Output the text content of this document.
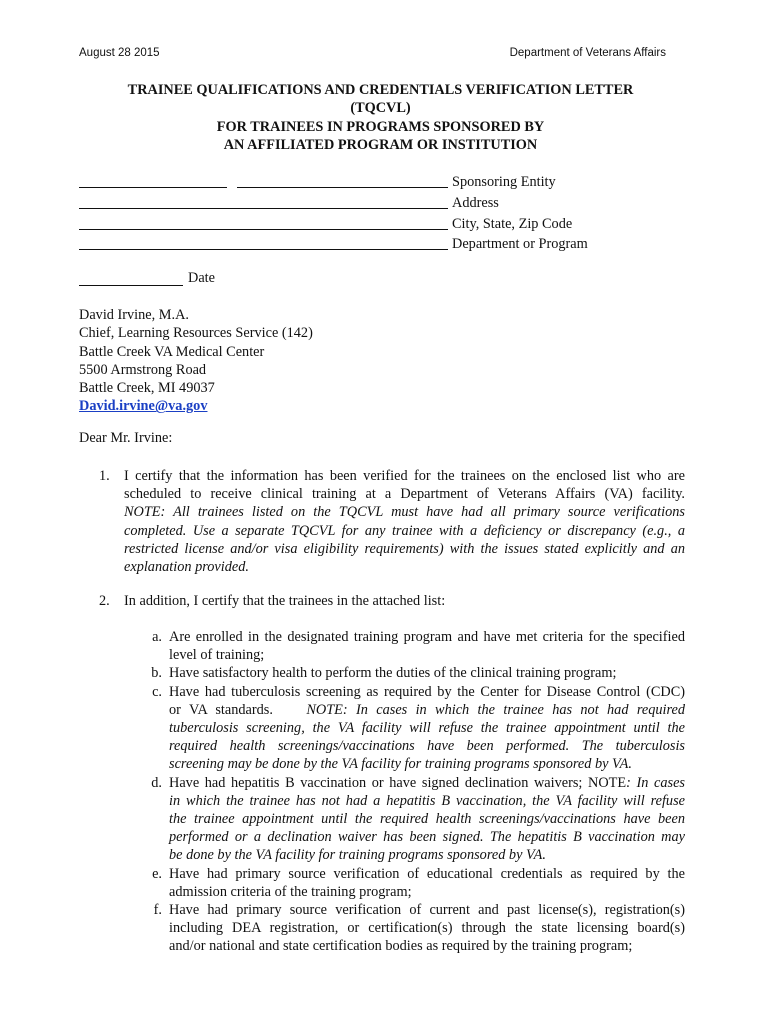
August 28 2015	Department of Veterans Affairs
TRAINEE QUALIFICATIONS AND CREDENTIALS VERIFICATION LETTER
(TQCVL)
FOR TRAINEES IN PROGRAMS SPONSORED BY
AN AFFILIATED PROGRAM OR INSTITUTION
Sponsoring Entity
Address
City, State, Zip Code
Department or Program
Date
David Irvine, M.A.
Chief, Learning Resources Service (142)
Battle Creek VA Medical Center
5500 Armstrong Road
Battle Creek, MI 49037
David.irvine@va.gov
Dear Mr. Irvine:
1. I certify that the information has been verified for the trainees on the enclosed list who are
scheduled to receive clinical training at a Department of Veterans Affairs (VA) facility.
NOTE: All trainees listed on the TQCVL must have had all primary source verifications
completed. Use a separate TQCVL for any trainee with a deficiency or discrepancy (e.g., a
restricted license and/or visa eligibility requirements) with the issues stated explicitly and an
explanation provided.
2. In addition, I certify that the trainees in the attached list:
a. Are enrolled in the designated training program and have met criteria for the specified
level of training;
b. Have satisfactory health to perform the duties of the clinical training program;
c. Have had tuberculosis screening as required by the Center for Disease Control (CDC)
or VA standards. NOTE: In cases in which the trainee has not had required
tuberculosis screening, the VA facility will refuse the trainee appointment until the
required health screenings/vaccinations have been performed. The tuberculosis
screening may be done by the VA facility for training programs sponsored by VA.
d. Have had hepatitis B vaccination or have signed declination waivers; NOTE: In cases
in which the trainee has not had a hepatitis B vaccination, the VA facility will refuse
the trainee appointment until the required health screenings/vaccinations have been
performed or a declination waiver has been signed. The hepatitis B vaccination may
be done by the VA facility for training programs sponsored by VA.
e. Have had primary source verification of educational credentials as required by the
admission criteria of the training program;
f. Have had primary source verification of current and past license(s), registration(s)
including DEA registration, or certification(s) through the state licensing board(s)
and/or national and state certification bodies as required by the training program;
